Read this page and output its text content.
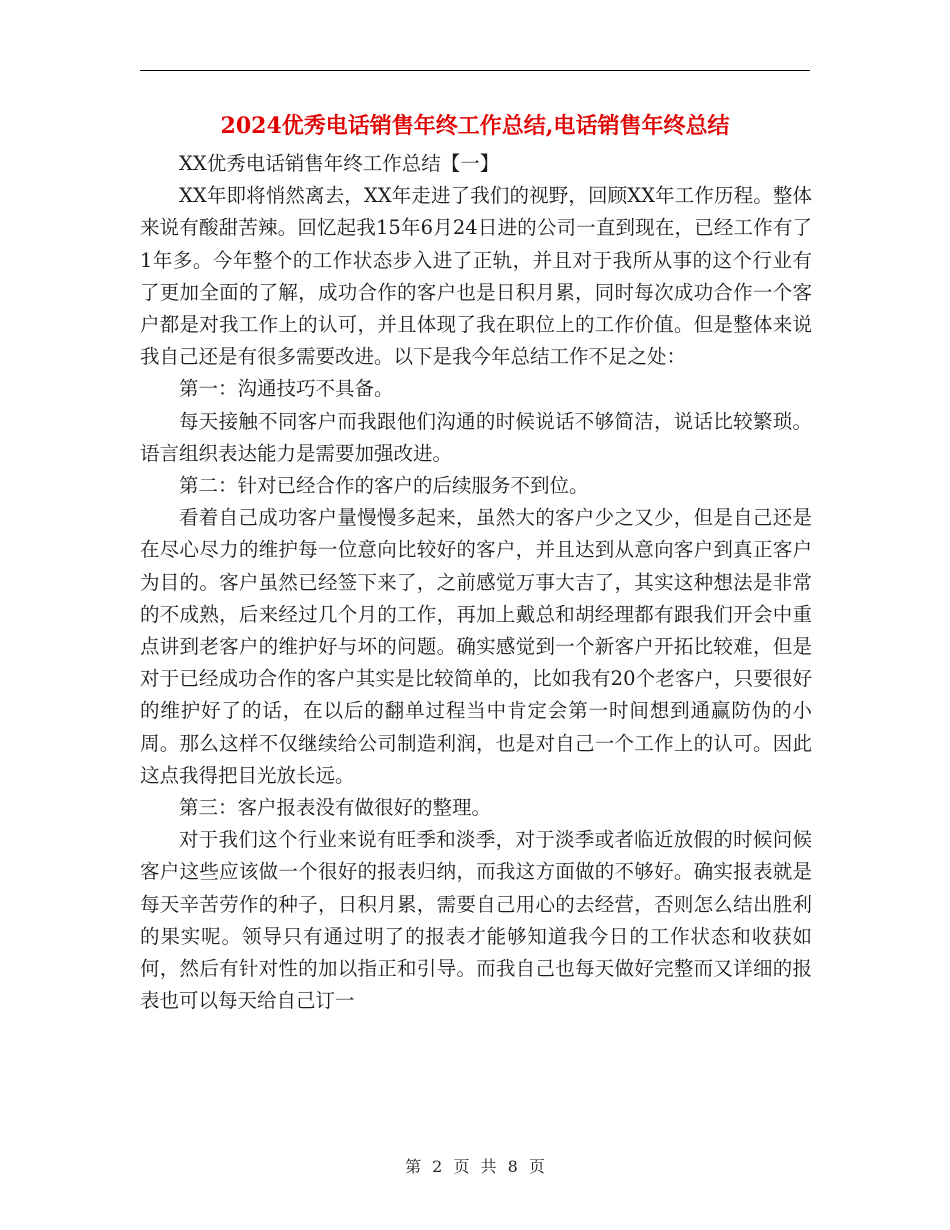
2024优秀电话销售年终工作总结,电话销售年终总结

XX优秀电话销售年终工作总结【一】

XX年即将悄然离去，XX年走进了我们的视野，回顾XX年工作历程。整体来说有酸甜苦辣。回忆起我15年6月24日进的公司一直到现在，已经工作有了1年多。今年整个的工作状态步入进了正轨，并且对于我所从事的这个行业有了更加全面的了解，成功合作的客户也是日积月累，同时每次成功合作一个客户都是对我工作上的认可，并且体现了我在职位上的工作价值。但是整体来说我自己还是有很多需要改进。以下是我今年总结工作不足之处：

第一：沟通技巧不具备。

每天接触不同客户而我跟他们沟通的时候说话不够简洁，说话比较繁琐。语言组织表达能力是需要加强改进。

第二：针对已经合作的客户的后续服务不到位。

看着自己成功客户量慢慢多起来，虽然大的客户少之又少，但是自己还是在尽心尽力的维护每一位意向比较好的客户，并且达到从意向客户到真正客户为目的。客户虽然已经签下来了，之前感觉万事大吉了，其实这种想法是非常的不成熟，后来经过几个月的工作，再加上戴总和胡经理都有跟我们开会中重点讲到老客户的维护好与坏的问题。确实感觉到一个新客户开拓比较难，但是对于已经成功合作的客户其实是比较简单的，比如我有20个老客户，只要很好的维护好了的话，在以后的翻单过程当中肯定会第一时间想到通赢防伪的小周。那么这样不仅继续给公司制造利润，也是对自己一个工作上的认可。因此这点我得把目光放长远。

第三：客户报表没有做很好的整理。

对于我们这个行业来说有旺季和淡季，对于淡季或者临近放假的时候问候客户这些应该做一个很好的报表归纳，而我这方面做的不够好。确实报表就是每天辛苦劳作的种子，日积月累，需要自己用心的去经营，否则怎么结出胜利的果实呢。领导只有通过明了的报表才能够知道我今日的工作状态和收获如何，然后有针对性的加以指正和引导。而我自己也每天做好完整而又详细的报表也可以每天给自己订一

第 2 页 共 8 页
